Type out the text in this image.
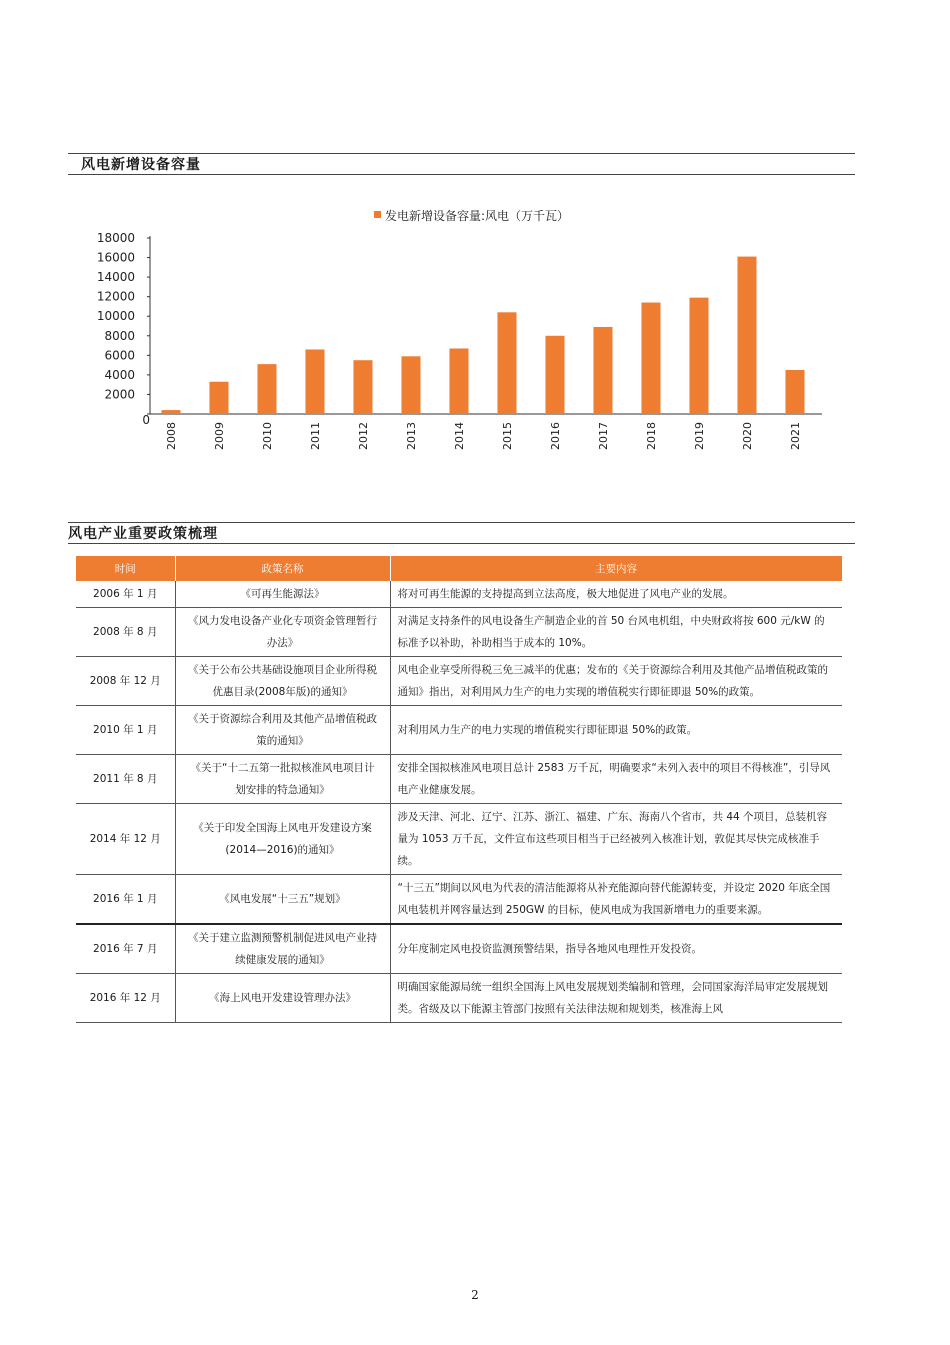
风电新增设备容量
发电新增设备容量:风电（万千瓦）
0
2000
4000
6000
8000
10000
12000
14000
16000
18000
2008	2009	2010	2011	2012	2013	2014	2015	2016	2017	2018	2019	2020	2021
风电产业重要政策梳理
时间	政策名称	主要内容
2006 年 1 月	《可再生能源法》	将对可再生能源的支持提高到立法高度，极大地促进了风电产业的发展。
2008 年 8 月	《风力发电设备产业化专项资金管理暂行办法》	对满足支持条件的风电设备生产制造企业的首 50 台风电机组，中央财政将按 600 元/kW 的标准予以补助，补助相当于成本的 10%。
2008 年 12 月	《关于公布公共基础设施项目企业所得税优惠目录(2008年版)的通知》	风电企业享受所得税三免三减半的优惠；发布的《关于资源综合利用及其他产品增值税政策的通知》指出，对利用风力生产的电力实现的增值税实行即征即退 50%的政策。
2010 年 1 月	《关于资源综合利用及其他产品增值税政策的通知》	对利用风力生产的电力实现的增值税实行即征即退 50%的政策。
2011 年 8 月	《关于“十二五第一批拟核准风电项目计划安排的特急通知》	安排全国拟核准风电项目总计 2583 万千瓦，明确要求“未列入表中的项目不得核准”，引导风电产业健康发展。
2014 年 12 月	《关于印发全国海上风电开发建设方案(2014—2016)的通知》	涉及天津、河北、辽宁、江苏、浙江、福建、广东、海南八个省市，共 44 个项目，总装机容量为 1053 万千瓦，文件宣布这些项目相当于已经被列入核准计划，敦促其尽快完成核准手续。
2016 年 1 月	《风电发展“十三五”规划》	“十三五”期间以风电为代表的清洁能源将从补充能源向替代能源转变，并设定 2020 年底全国风电装机并网容量达到 250GW 的目标，使风电成为我国新增电力的重要来源。
2016 年 7 月	《关于建立监测预警机制促进风电产业持续健康发展的通知》	分年度制定风电投资监测预警结果，指导各地风电理性开发投资。
2016 年 12 月	《海上风电开发建设管理办法》	明确国家能源局统一组织全国海上风电发展规划类编制和管理，会同国家海洋局审定发展规划类。省级及以下能源主管部门按照有关法律法规和规划类，核准海上风
2
